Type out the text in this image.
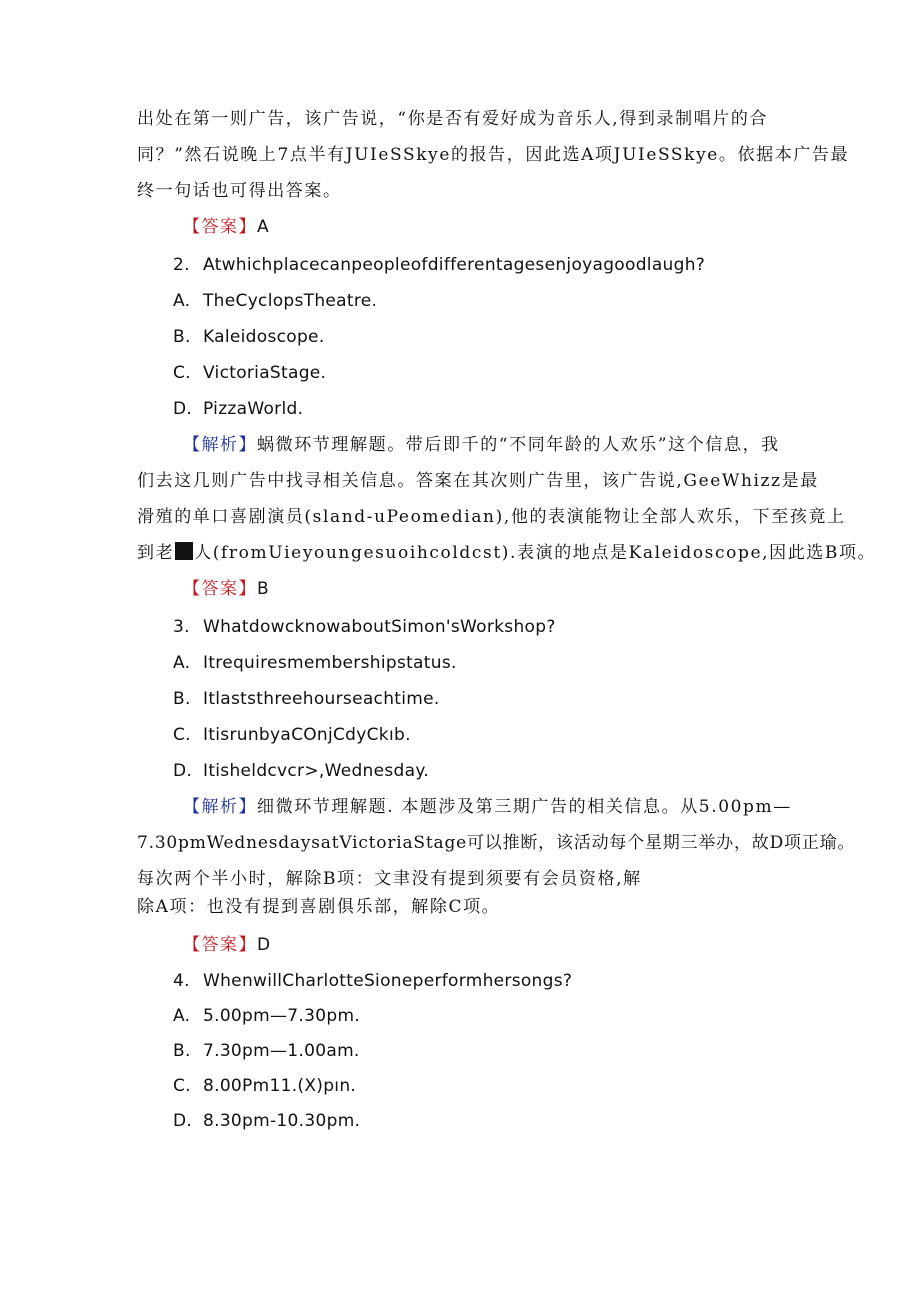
出处在第一则广告，该广告说，“你是否有爱好成为音乐人,得到录制唱片的合
同？”然石说晚上7点半有JUIeSSkye的报告，因此选A项JUIeSSkye。依据本广告最
终一句话也可得出答案。
【答案】A
2. Atwhichplacecanpeopleofdifferentagesenjoyagoodlaugh?
A. TheCyclopsTheatre.
B. Kaleidoscope.
C. VictoriaStage.
D. PizzaWorld.
【解析】蜗微环节理解题。带后即千的“不同年龄的人欢乐”这个信息，我
们去这几则广告中找寻相关信息。答案在其次则广告里，该广告说,GeeWhizz是最
滑殖的单口喜剧演员(sland-uPeomedian),他的表演能物让全部人欢乐，下至孩竟上
到老 人(fromUieyoungesuoihcoldcst).表演的地点是Kaleidoscope,因此选B项。
【答案】B
3. WhatdowcknowaboutSimon'sWorkshop?
A. Itrequiresmembershipstatus.
B. Itlaststhreehourseachtime.
C. ItisrunbyaCOnjCdyCkıb.
D. Itisheldcvcr>,Wednesday.
【解析】细微环节理解题. 本题涉及第三期广告的相关信息。从5.00pm—
7.30pmWednesdaysatVictoriaStage可以推断，该活动每个星期三举办，故D项正瑜。
每次两个半小时，解除B项：文聿没有提到须要有会员资格,解
除A项：也没有提到喜剧俱乐部，解除C项。
【答案】D
4. WhenwillCharlotteSioneperformhersongs?
A. 5.00pm—7.30pm.
B. 7.30pm—1.00am.
C. 8.00Pm11.(X)pın.
D. 8.30pm-10.30pm.
